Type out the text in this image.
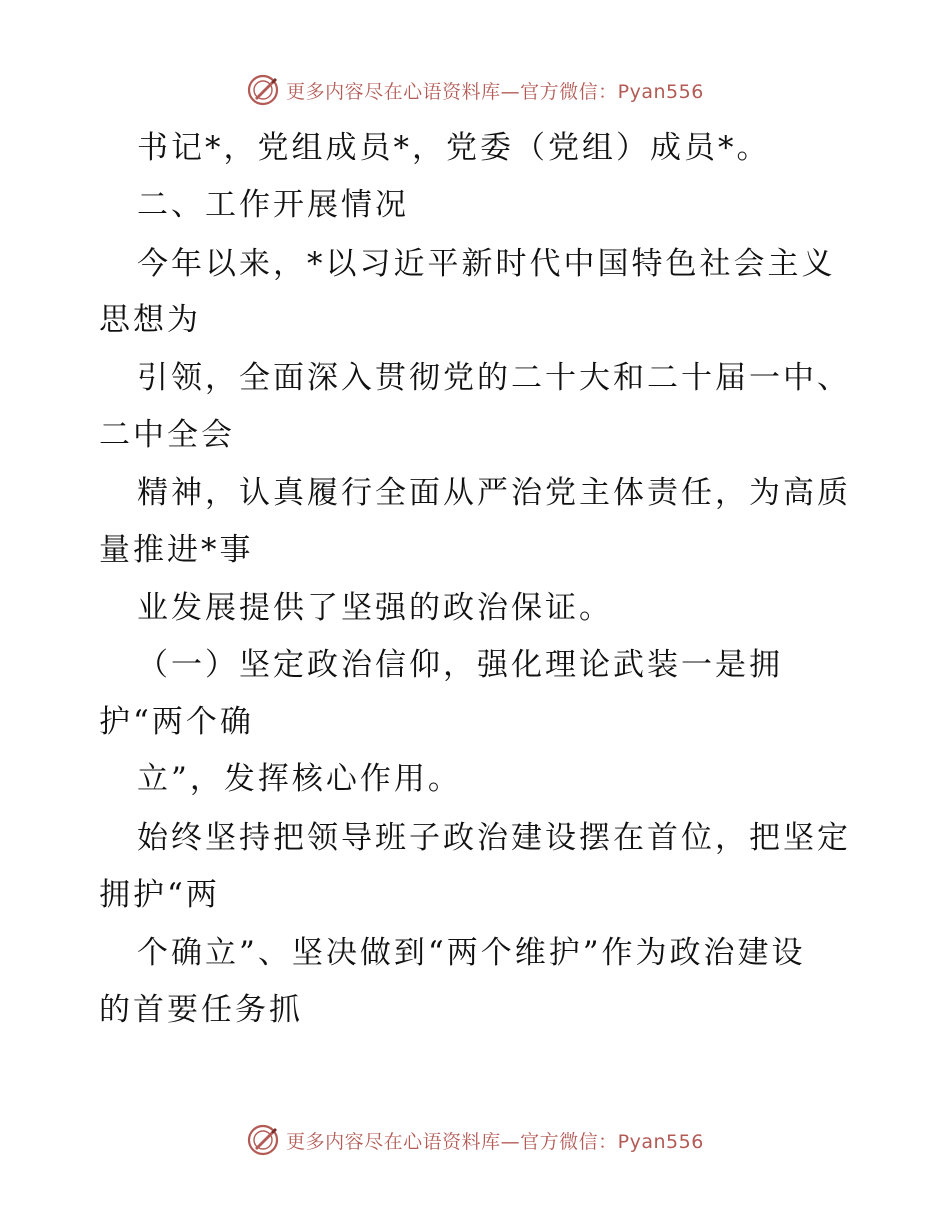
更多内容尽在心语资料库—官方微信：Pyan556
书记*，党组成员*，党委（党组）成员*。
二、工作开展情况
今年以来，*以习近平新时代中国特色社会主义
思想为
引领，全面深入贯彻党的二十大和二十届一中、
二中全会
精神，认真履行全面从严治党主体责任，为高质
量推进*事
业发展提供了坚强的政治保证。
（一）坚定政治信仰，强化理论武装一是拥
护“两个确
立”，发挥核心作用。
始终坚持把领导班子政治建设摆在首位，把坚定
拥护“两
个确立”、坚决做到“两个维护”作为政治建设
的首要任务抓
更多内容尽在心语资料库—官方微信：Pyan556
